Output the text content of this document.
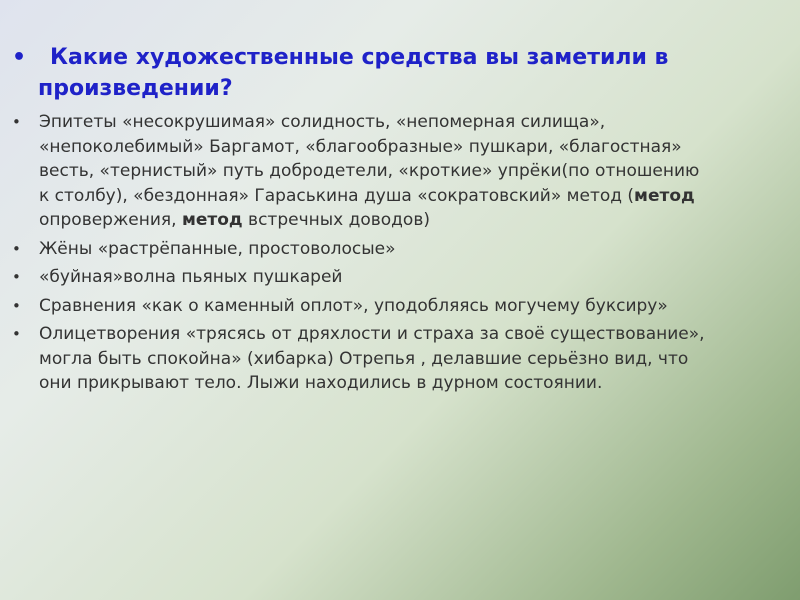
•	Какие художественные средства вы заметили в произведении?
• Эпитеты «несокрушимая» солидность, «непомерная силища», «непоколебимый» Баргамот, «благообразные» пушкари, «благостная» весть, «тернистый» путь добродетели, «кроткие» упрёки(по отношению к столбу), «бездонная» Гараськина душа «сократовский» метод (метод опровержения, метод встречных доводов)
• Жёны «растрёпанные, простоволосые»
• «буйная»волна пьяных пушкарей
• Сравнения «как о каменный оплот», уподобляясь могучему буксиру»
• Олицетворения «трясясь от дряхлости и страха за своё существование», могла быть спокойна» (хибарка) Отрепья , делавшие серьёзно вид, что они прикрывают тело. Лыжи находились в дурном состоянии.
